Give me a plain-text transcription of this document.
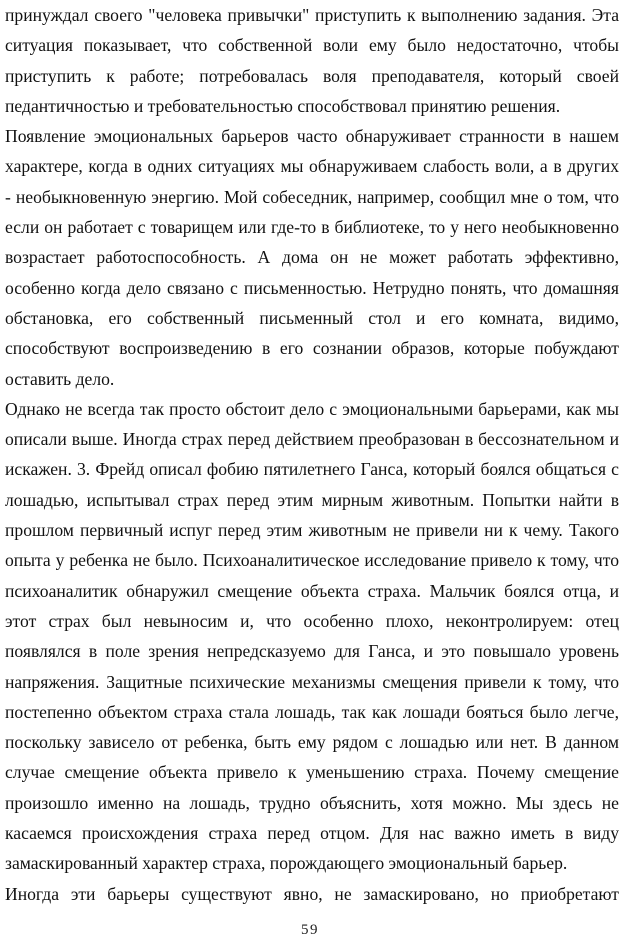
принуждал своего "человека привычки" приступить к выполнению задания. Эта
ситуация показывает, что собственной воли ему было недостаточно, чтобы
приступить к работе; потребовалась воля преподавателя, который своей
педантичностью и требовательностью способствовал принятию решения.
Появление эмоциональных барьеров часто обнаруживает странности в нашем
характере, когда в одних ситуациях мы обнаруживаем слабость воли, а в других
- необыкновенную энергию. Мой собеседник, например, сообщил мне о том, что
если он работает с товарищем или где-то в библиотеке, то у него необыкновенно
возрастает работоспособность. А дома он не может работать эффективно,
особенно когда дело связано с письменностью. Нетрудно понять, что домашняя
обстановка, его собственный письменный стол и его комната, видимо,
способствуют воспроизведению в его сознании образов, которые побуждают
оставить дело.
Однако не всегда так просто обстоит дело с эмоциональными барьерами, как мы
описали выше. Иногда страх перед действием преобразован в бессознательном и
искажен. 3. Фрейд описал фобию пятилетнего Ганса, который боялся общаться с
лошадью, испытывал страх перед этим мирным животным. Попытки найти в
прошлом первичный испуг перед этим животным не привели ни к чему. Такого
опыта у ребенка не было. Психоаналитическое исследование привело к тому, что
психоаналитик обнаружил смещение объекта страха. Мальчик боялся отца, и
этот страх был невыносим и, что особенно плохо, неконтролируем: отец
появлялся в поле зрения непредсказуемо для Ганса, и это повышало уровень
напряжения. Защитные психические механизмы смещения привели к тому, что
постепенно объектом страха стала лошадь, так как лошади бояться было легче,
поскольку зависело от ребенка, быть ему рядом с лошадью или нет. В данном
случае смещение объекта привело к уменьшению страха. Почему смещение
произошло именно на лошадь, трудно объяснить, хотя можно. Мы здесь не
касаемся происхождения страха перед отцом. Для нас важно иметь в виду
замаскированный характер страха, порождающего эмоциональный барьер.
Иногда эти барьеры существуют явно, не замаскировано, но приобретают
59
